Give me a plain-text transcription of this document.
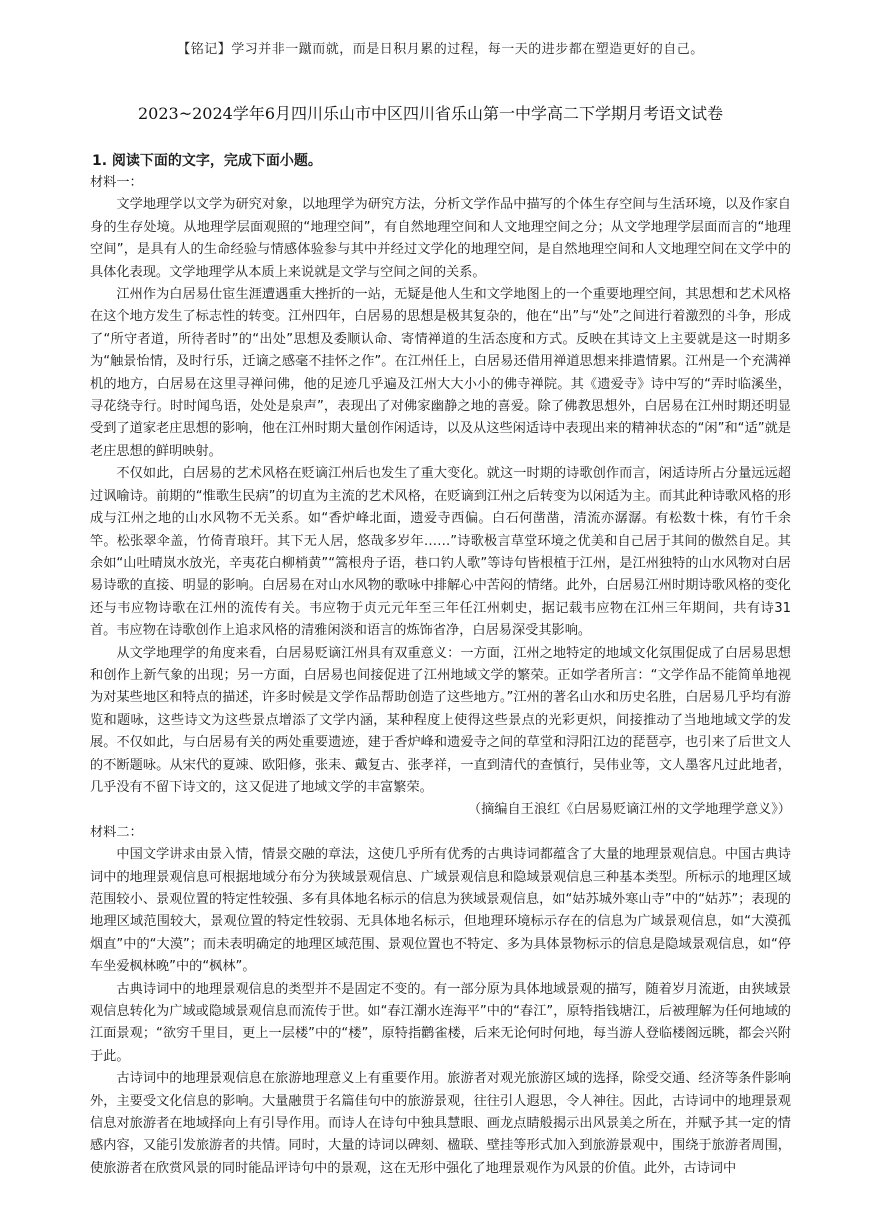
【铭记】学习并非一蹴而就，而是日积月累的过程，每一天的进步都在塑造更好的自己。
2023~2024学年6月四川乐山市中区四川省乐山第一中学高二下学期月考语文试卷
1. 阅读下面的文字，完成下面小题。

材料一：

文学地理学以文学为研究对象，以地理学为研究方法，分析文学作品中描写的个体生存空间与生活环境，以及作家自身的生存处境。从地理学层面观照的“地理空间”，有自然地理空间和人文地理空间之分；从文学地理学层面而言的“地理空间”，是具有人的生命经验与情感体验参与其中并经过文学化的地理空间，是自然地理空间和人文地理空间在文学中的具体化表现。文学地理学从本质上来说就是文学与空间之间的关系。

江州作为白居易仕宦生涯遭遇重大挫折的一站，无疑是他人生和文学地图上的一个重要地理空间，其思想和艺术风格在这个地方发生了标志性的转变。江州四年，白居易的思想是极其复杂的，他在“出”与“处”之间进行着激烈的斗争，形成了“所守者道，所待者时”的“出处”思想及委顺认命、寄情禅道的生活态度和方式。反映在其诗文上主要就是这一时期多为“触景怡情，及时行乐，迁谪之感毫不挂怀之作”。在江州任上，白居易还借用禅道思想来排遣情累。江州是一个充满禅机的地方，白居易在这里寻禅问佛，他的足迹几乎遍及江州大大小小的佛寺禅院。其《遗爱寺》诗中写的“弄时临溪坐，寻花绕寺行。时时闻鸟语，处处是泉声”，表现出了对佛家幽静之地的喜爱。除了佛教思想外，白居易在江州时期还明显受到了道家老庄思想的影响，他在江州时期大量创作闲适诗，以及从这些闲适诗中表现出来的精神状态的“闲”和“适”就是老庄思想的鲜明映射。

不仅如此，白居易的艺术风格在贬谪江州后也发生了重大变化。就这一时期的诗歌创作而言，闲适诗所占分量远远超过讽喻诗。前期的“惟歌生民病”的切直为主流的艺术风格，在贬谪到江州之后转变为以闲适为主。而其此种诗歌风格的形成与江州之地的山水风物不无关系。如“香炉峰北面，遗爱寺西偏。白石何凿凿，清流亦潺潺。有松数十株，有竹千余竿。松张翠伞盖，竹倚青琅玕。其下无人居，悠哉多岁年……”诗歌极言草堂环境之优美和自己居于其间的傲然自足。其余如“山吐晴岚水放光，辛夷花白柳梢黄”“篙根舟子语，巷口钓人歌”等诗句皆根植于江州，是江州独特的山水风物对白居易诗歌的直接、明显的影响。白居易在对山水风物的歌咏中排解心中苦闷的情绪。此外，白居易江州时期诗歌风格的变化还与韦应物诗歌在江州的流传有关。韦应物于贞元元年至三年任江州刺史，据记载韦应物在江州三年期间，共有诗31首。韦应物在诗歌创作上追求风格的清雅闲淡和语言的炼饰省净，白居易深受其影响。

从文学地理学的角度来看，白居易贬谪江州具有双重意义：一方面，江州之地特定的地域文化氛围促成了白居易思想和创作上新气象的出现；另一方面，白居易也间接促进了江州地域文学的繁荣。正如学者所言：“文学作品不能简单地视为对某些地区和特点的描述，许多时候是文学作品帮助创造了这些地方。”江州的著名山水和历史名胜，白居易几乎均有游览和题咏，这些诗文为这些景点增添了文学内涵，某种程度上使得这些景点的光彩更炽，间接推动了当地地域文学的发展。不仅如此，与白居易有关的两处重要遗迹，建于香炉峰和遗爱寺之间的草堂和浔阳江边的琵琶亭，也引来了后世文人的不断题咏。从宋代的夏竦、欧阳修，张耒、戴复古、张孝祥，一直到清代的查慎行，吴伟业等，文人墨客凡过此地者，几乎没有不留下诗文的，这又促进了地域文学的丰富繁荣。

（摘编自王浪红《白居易贬谪江州的文学地理学意义》）

材料二：

中国文学讲求由景入情，情景交融的章法，这使几乎所有优秀的古典诗词都蕴含了大量的地理景观信息。中国古典诗词中的地理景观信息可根据地域分布分为狭域景观信息、广域景观信息和隐域景观信息三种基本类型。所标示的地理区域范围较小、景观位置的特定性较强、多有具体地名标示的信息为狭域景观信息，如“姑苏城外寒山寺”中的“姑苏”；表现的地理区域范围较大，景观位置的特定性较弱、无具体地名标示，但地理环境标示存在的信息为广域景观信息，如“大漠孤烟直”中的“大漠”；而未表明确定的地理区域范围、景观位置也不特定、多为具体景物标示的信息是隐域景观信息，如“停车坐爱枫林晚”中的“枫林”。

古典诗词中的地理景观信息的类型并不是固定不变的。有一部分原为具体地域景观的描写，随着岁月流逝，由狭域景观信息转化为广域或隐域景观信息而流传于世。如“春江潮水连海平”中的“春江”，原特指钱塘江，后被理解为任何地域的江面景观；“欲穷千里目，更上一层楼”中的“楼”，原特指鹳雀楼，后来无论何时何地，每当游人登临楼阁远眺，都会兴附于此。

古诗词中的地理景观信息在旅游地理意义上有重要作用。旅游者对观光旅游区域的选择，除受交通、经济等条件影响外，主要受文化信息的影响。大量融贯于名篇佳句中的旅游景观，往往引人遐思，令人神往。因此，古诗词中的地理景观信息对旅游者在地域择向上有引导作用。而诗人在诗句中独具慧眼、画龙点睛般揭示出风景美之所在，并赋予其一定的情感内容，又能引发旅游者的共情。同时，大量的诗词以碑刻、楹联、壁挂等形式加入到旅游景观中，围绕于旅游者周围，使旅游者在欣赏风景的同时能品评诗句中的景观，这在无形中强化了地理景观作为风景的价值。此外，古诗词中
